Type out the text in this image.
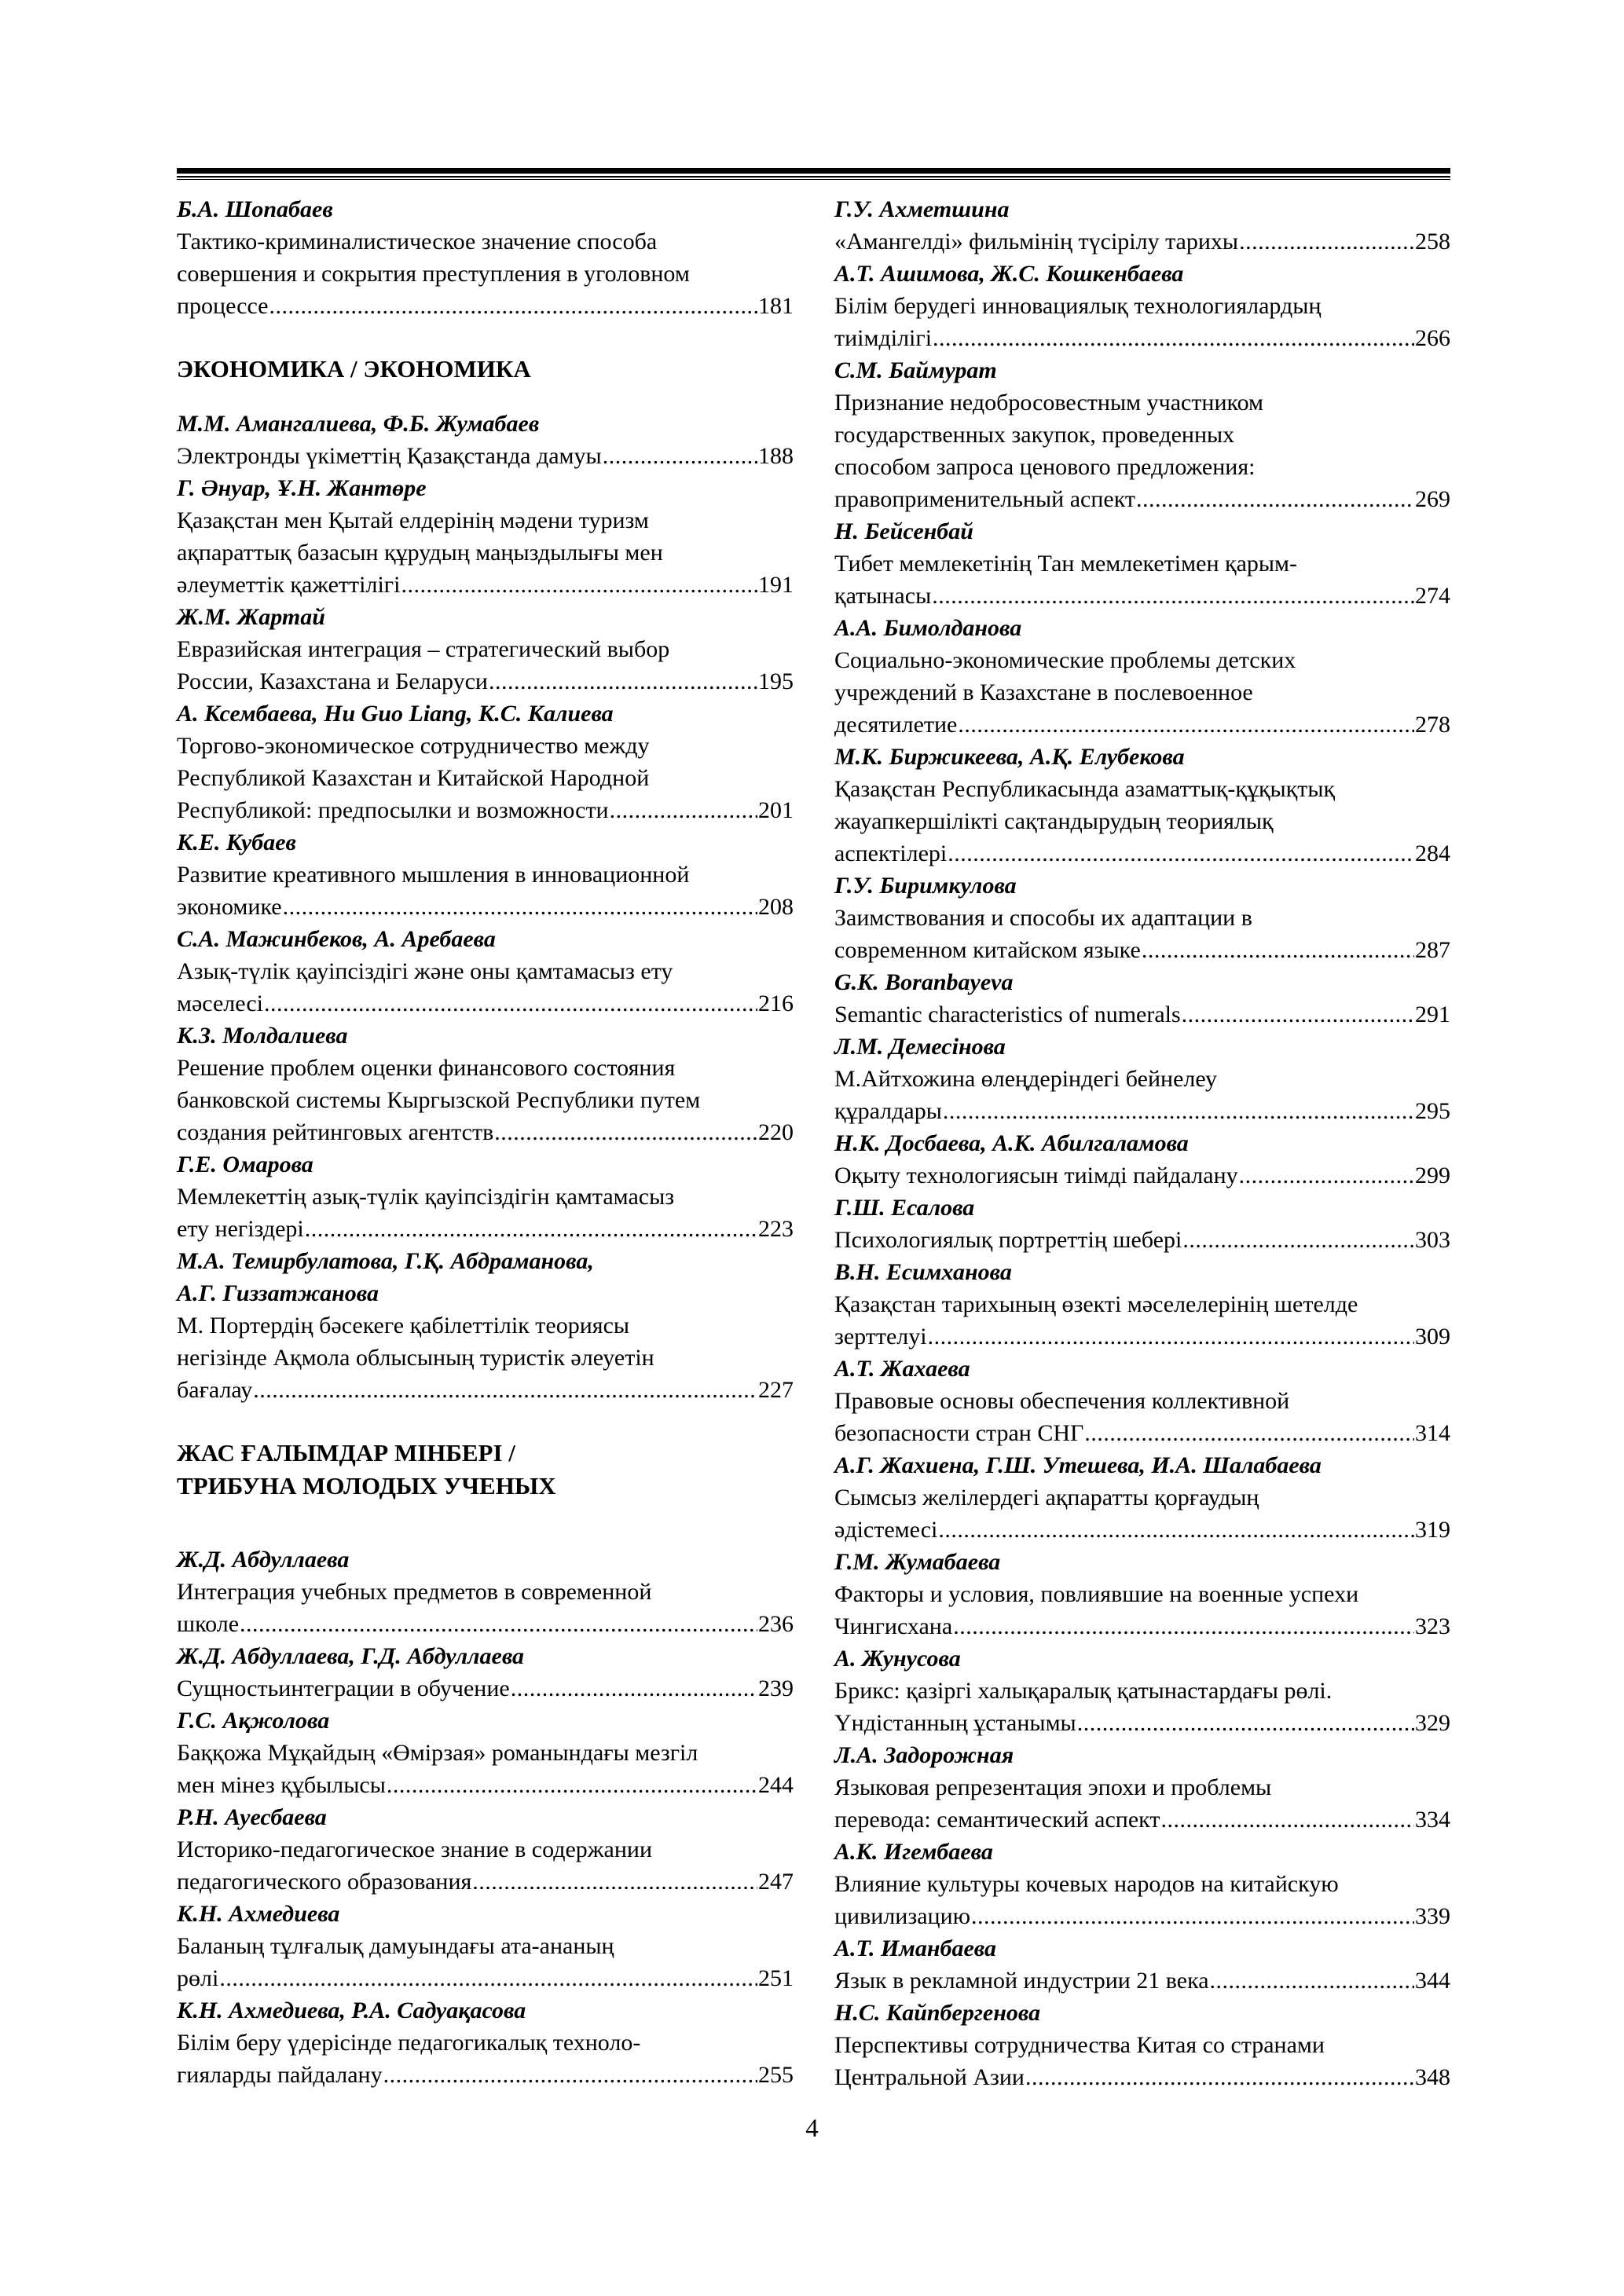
Б.А. Шопабаев
Тактико-криминалистическое значение способа
совершения и сокрытия преступления в уголовном
процессе .....	181
ЭКОНОМИКА / ЭКОНОМИКА
М.М. Амангалиева, Ф.Б. Жумабаев
Электронды үкіметтің Қазақстанда дамуы .....	188
Г. Әнуар, Ұ.Н. Жантөре
Қазақстан мен Қытай елдерінің мәдени туризм
ақпараттық базасын құрудың маңыздылығы мен
әлеуметтік қажеттілігі .....	191
Ж.М. Жартай
Евразийская интеграция – стратегический выбор
России, Казахстана и Беларуси .....	195
А. Ксембаева, Hu Guo Liang, К.С. Калиева
Торгово-экономическое сотрудничество между
Республикой Казахстан и Китайской Народной
Республикой: предпосылки и возможности .....	201
К.Е. Кубаев
Развитие креативного мышления в инновационной
экономике .....	208
С.А. Мажинбеков, А. Аребаева
Азық-түлік қауіпсіздігі және оны қамтамасыз ету
мәселесі .....	216
К.З. Молдалиева
Решение проблем оценки финансового состояния
банковской системы Кыргызской Республики путем
создания рейтинговых агентств .....	220
Г.Е. Омарова
Мемлекеттің азық-түлік қауіпсіздігін қамтамасыз
ету негіздері .....	223
М.А. Темирбулатова, Г.Қ. Абдраманова,
А.Г. Гиззатжанова
М. Портердің бәсекеге қабілеттілік теориясы
негізінде Ақмола облысының туристік әлеуетін
бағалау .....	227
ЖАС ҒАЛЫМДАР МІНБЕРІ /
ТРИБУНА МОЛОДЫХ УЧЕНЫХ
Ж.Д. Абдуллаева
Интеграция учебных предметов в современной
школе .....	236
Ж.Д. Абдуллаева, Г.Д. Абдуллаева
Сущностьинтеграции в обучение .....	239
Г.С. Ақжолова
Баққожа Мұқайдың «Өмірзая» романындағы мезгіл
мен мінез құбылысы .....	244
Р.Н. Ауесбаева
Историко-педагогическое знание в содержании
педагогического образования .....	247
К.Н. Ахмедиева
Баланың тұлғалық дамуындағы ата-ананың
рөлі .....	251
К.Н. Ахмедиева, Р.А. Садуақасова
Білім беру үдерісінде педагогикалық техноло-
гияларды пайдалану .....	255
Г.У. Ахметшина
«Амангелді» фильмінің түсірілу тарихы .....	258
А.Т. Ашимова, Ж.С. Кошкенбаева
Білім берудегі инновациялық технологиялардың
тиімділігі .....	266
С.М. Баймурат
Признание недобросовестным участником
государственных закупок, проведенных
способом запроса ценового предложения:
правоприменительный аспект .....	269
Н. Бейсенбай
Тибет мемлекетінің Тан мемлекетімен қарым-
қатынасы .....	274
А.А. Бимолданова
Социально-экономические проблемы детских
учреждений в Казахстане в послевоенное
десятилетие .....	278
М.К. Биржикеева, А.Қ. Елубекова
Қазақстан Республикасында азаматтық-құқықтық
жауапкершілікті сақтандырудың теориялық
аспектілері .....	284
Г.У. Биримкулова
Заимствования и способы их адаптации в
современном китайском языке .....	287
G.K. Boranbayeva
Semantic characteristics of numerals .....	291
Л.М. Демесінова
М.Айтхожина өлеңдеріндегі бейнелеу
құралдары .....	295
Н.К. Досбаева, А.К. Абилгаламова
Оқыту технологиясын тиімді пайдалану .....	299
Г.Ш. Есалова
Психологиялық портреттің шебері .....	303
В.Н. Есимханова
Қазақстан тарихының өзекті мәселелерінің шетелде
зерттелуі .....	309
А.Т. Жахаева
Правовые основы обеспечения коллективной
безопасности стран СНГ .....	314
А.Г. Жахиена, Г.Ш. Утешева, И.А. Шалабаева
Сымсыз желілердегі ақпаратты қорғаудың
әдістемесі .....	319
Г.М. Жумабаева
Факторы и условия, повлиявшие на военные успехи
Чингисхана .....	323
А. Жунусова
Брикс: қазіргі халықаралық қатынастардағы рөлі.
Үндістанның ұстанымы .....	329
Л.А. Задорожная
Языковая репрезентация эпохи и проблемы
перевода: семантический аспект .....	334
А.К. Игембаева
Влияние культуры кочевых народов на китайскую
цивилизацию .....	339
А.Т. Иманбаева
Язык в рекламной индустрии 21 века .....	344
Н.С. Кайпбергенова
Перспективы сотрудничества Китая со странами
Центральной Азии .....	348
4
